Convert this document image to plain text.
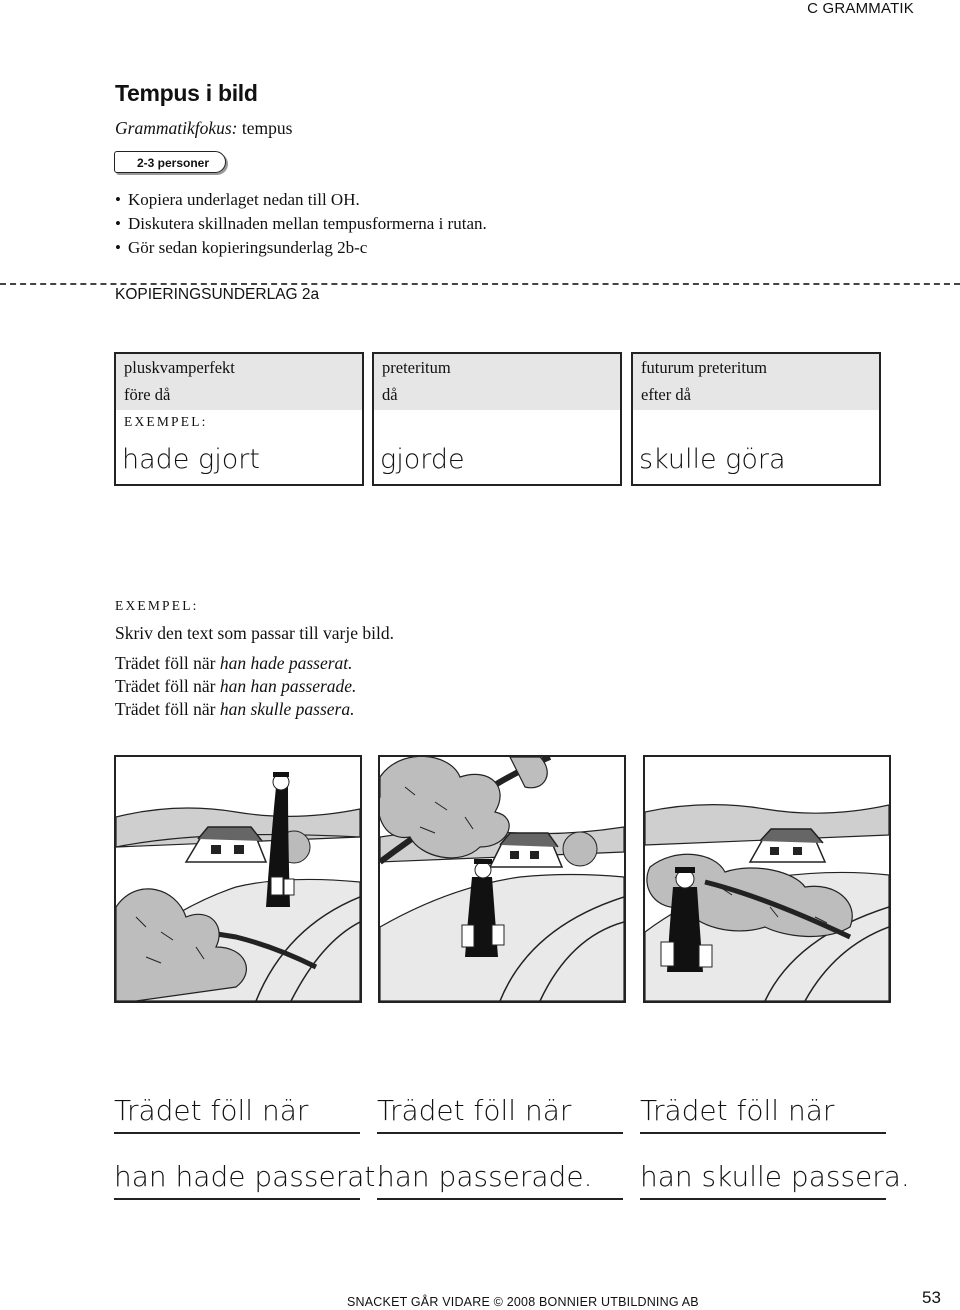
C GRAMMATIK
Tempus i bild
Grammatikfokus: tempus
2-3 personer
• Kopiera underlaget nedan till OH.
• Diskutera skillnaden mellan tempusformerna i rutan.
• Gör sedan kopieringsunderlag 2b-c
KOPIERINGSUNDERLAG 2a
pluskvamperfekt
före då
EXEMPEL:
hade gjort
preteritum
då
gjorde
futurum preteritum
efter då
skulle göra
EXEMPEL:
Skriv den text som passar till varje bild.
Trädet föll när han hade passerat.
Trädet föll när han han passerade.
Trädet föll när han skulle passera.
Trädet föll när
han hade passerat.
Trädet föll när
han passerade.
Trädet föll när
han skulle passera.
SNACKET GÅR VIDARE © 2008 BONNIER UTBILDNING AB	53
